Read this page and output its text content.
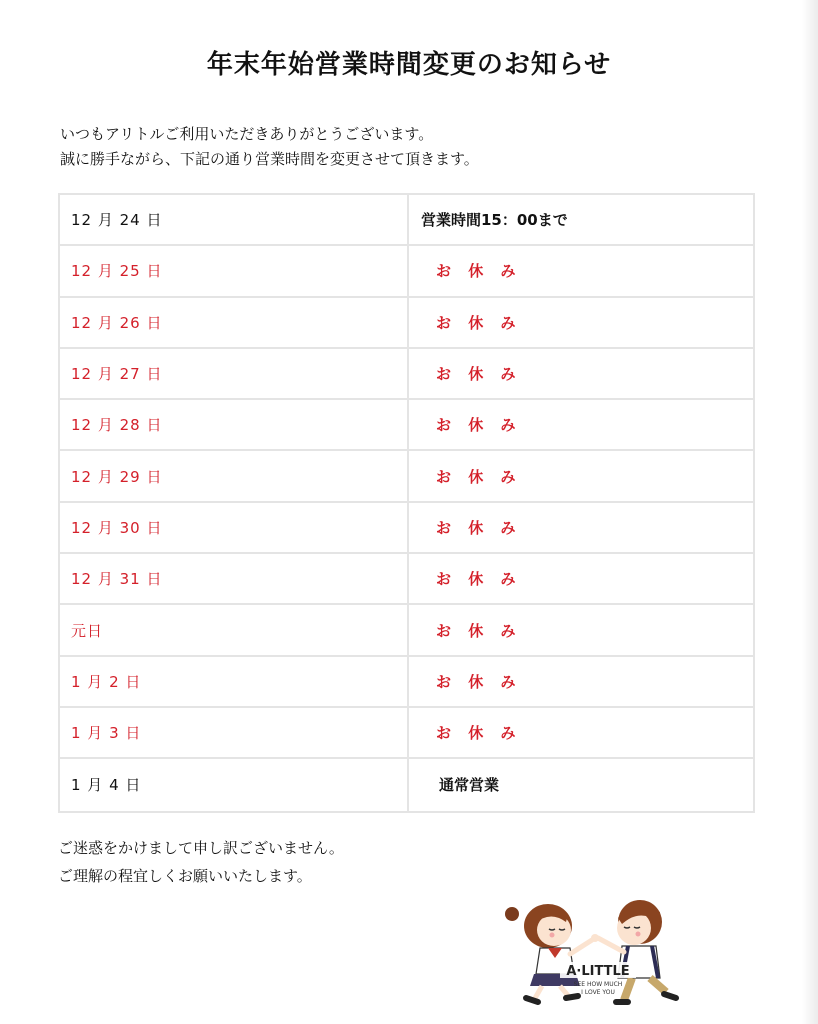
年末年始営業時間変更のお知らせ

いつもアリトルご利用いただきありがとうございます。

誠に勝手ながら、下記の通り営業時間を変更させて頂きます。

12 月 24 日	営業時間15：00まで
12 月 25 日	お 休 み
12 月 26 日	お 休 み
12 月 27 日	お 休 み
12 月 28 日	お 休 み
12 月 29 日	お 休 み
12 月 30 日	お 休 み
12 月 31 日	お 休 み
元日	お 休 み
1 月 2 日	お 休 み
1 月 3 日	お 休 み
1 月 4 日	通常営業

ご迷惑をかけまして申し訳ございません。

ご理解の程宜しくお願いいたします。

A·LITTLE
SEE HOW MUCH
I LOVE YOU
